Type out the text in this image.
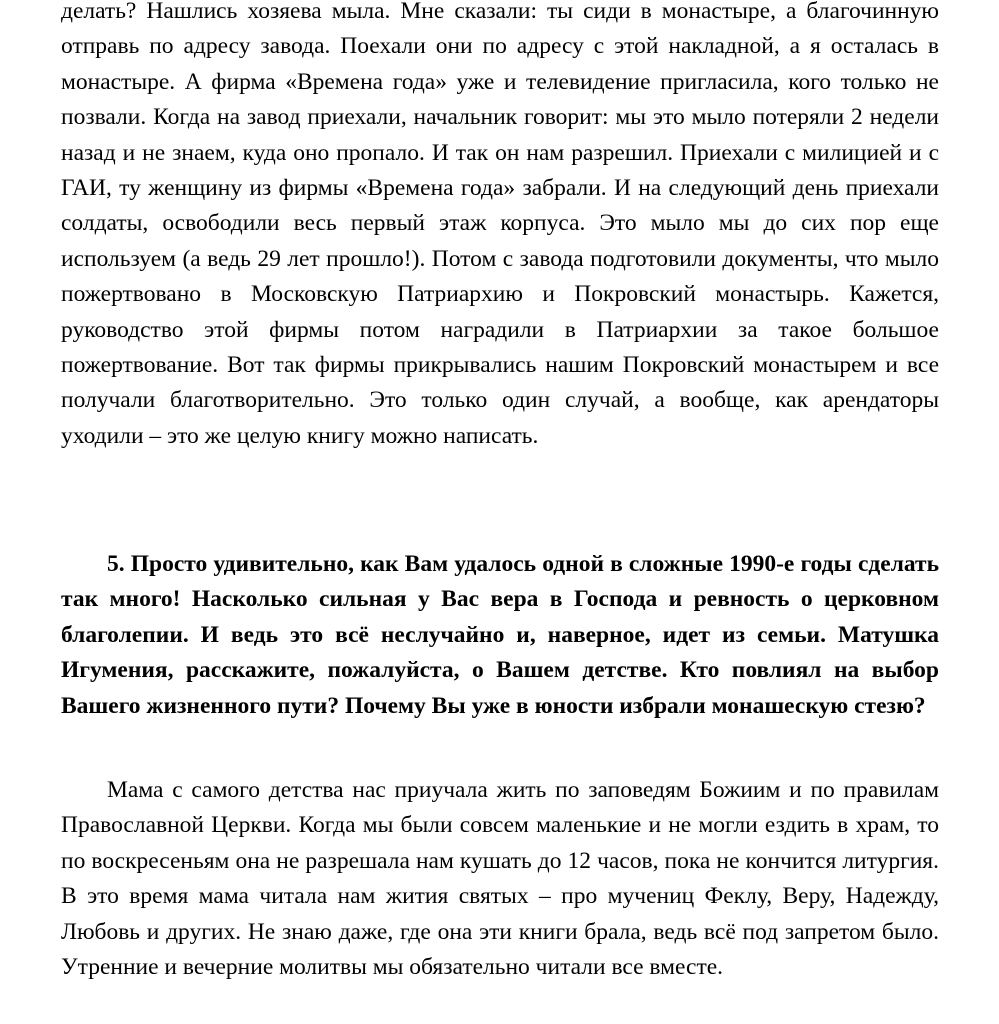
делать? Нашлись хозяева мыла. Мне сказали: ты сиди в монастыре, а благочинную отправь по адресу завода. Поехали они по адресу с этой накладной, а я осталась в монастыре. А фирма «Времена года» уже и телевидение пригласила, кого только не позвали. Когда на завод приехали, начальник говорит: мы это мыло потеряли 2 недели назад и не знаем, куда оно пропало. И так он нам разрешил. Приехали с милицией и с ГАИ, ту женщину из фирмы «Времена года» забрали. И на следующий день приехали солдаты, освободили весь первый этаж корпуса. Это мыло мы до сих пор еще используем (а ведь 29 лет прошло!). Потом с завода подготовили документы, что мыло пожертвовано в Московскую Патриархию и Покровский монастырь. Кажется, руководство этой фирмы потом наградили в Патриархии за такое большое пожертвование. Вот так фирмы прикрывались нашим Покровский монастырем и все получали благотворительно. Это только один случай, а вообще, как арендаторы уходили – это же целую книгу можно написать.

5. Просто удивительно, как Вам удалось одной в сложные 1990-е годы сделать так много! Насколько сильная у Вас вера в Господа и ревность о церковном благолепии. И ведь это всё неслучайно и, наверное, идет из семьи. Матушка Игумения, расскажите, пожалуйста, о Вашем детстве. Кто повлиял на выбор Вашего жизненного пути? Почему Вы уже в юности избрали монашескую стезю?

Мама с самого детства нас приучала жить по заповедям Божиим и по правилам Православной Церкви. Когда мы были совсем маленькие и не могли ездить в храм, то по воскресеньям она не разрешала нам кушать до 12 часов, пока не кончится литургия. В это время мама читала нам жития святых – про мучениц Феклу, Веру, Надежду, Любовь и других. Не знаю даже, где она эти книги брала, ведь всё под запретом было. Утренние и вечерние молитвы мы обязательно читали все вместе.
